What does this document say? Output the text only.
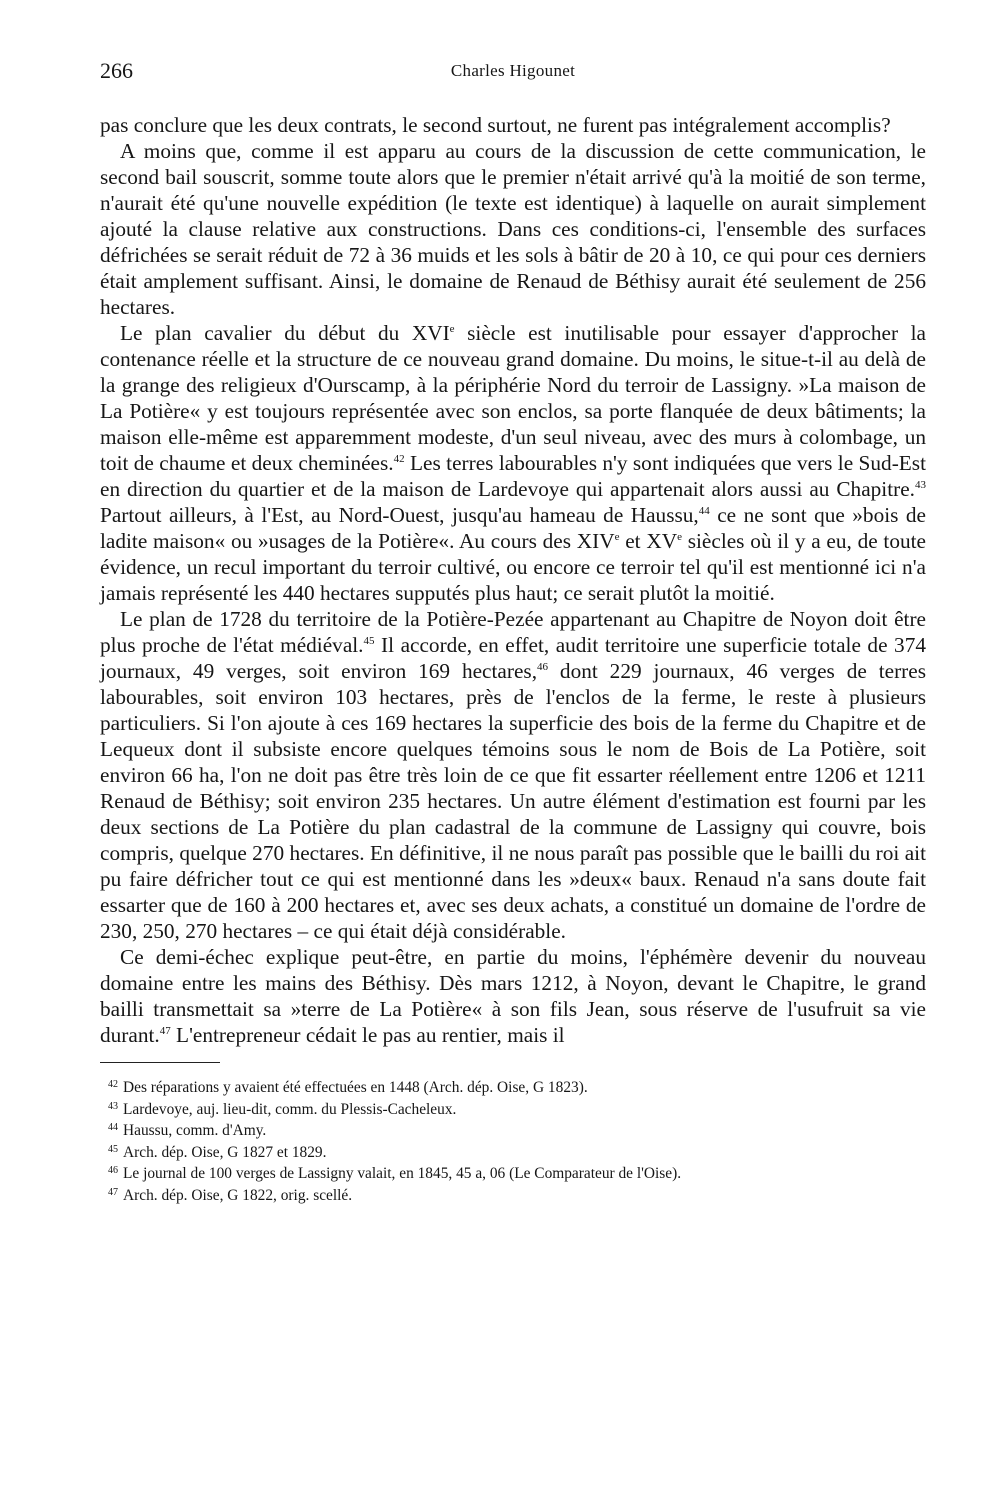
266	Charles Higounet

pas conclure que les deux contrats, le second surtout, ne furent pas intégralement accomplis?

A moins que, comme il est apparu au cours de la discussion de cette communication, le second bail souscrit, somme toute alors que le premier n'était arrivé qu'à la moitié de son terme, n'aurait été qu'une nouvelle expédition (le texte est identique) à laquelle on aurait simplement ajouté la clause relative aux constructions. Dans ces conditions-ci, l'ensemble des surfaces défrichées se serait réduit de 72 à 36 muids et les sols à bâtir de 20 à 10, ce qui pour ces derniers était amplement suffisant. Ainsi, le domaine de Renaud de Béthisy aurait été seulement de 256 hectares.

Le plan cavalier du début du XVIe siècle est inutilisable pour essayer d'approcher la contenance réelle et la structure de ce nouveau grand domaine. Du moins, le situe-t-il au delà de la grange des religieux d'Ourscamp, à la périphérie Nord du terroir de Lassigny. »La maison de La Potière« y est toujours représentée avec son enclos, sa porte flanquée de deux bâtiments; la maison elle-même est apparemment modeste, d'un seul niveau, avec des murs à colombage, un toit de chaume et deux cheminées.$^{42}$ Les terres labourables n'y sont indiquées que vers le Sud-Est en direction du quartier et de la maison de Lardevoye qui appartenait alors aussi au Chapitre.$^{43}$ Partout ailleurs, à l'Est, au Nord-Ouest, jusqu'au hameau de Haussu,$^{44}$ ce ne sont que »bois de ladite maison« ou »usages de la Potière«. Au cours des XIVe et XVe siècles où il y a eu, de toute évidence, un recul important du terroir cultivé, ou encore ce terroir tel qu'il est mentionné ici n'a jamais représenté les 440 hectares supputés plus haut; ce serait plutôt la moitié.

Le plan de 1728 du territoire de la Potière-Pezée appartenant au Chapitre de Noyon doit être plus proche de l'état médiéval.$^{45}$ Il accorde, en effet, audit territoire une superficie totale de 374 journaux, 49 verges, soit environ 169 hectares,$^{46}$ dont 229 journaux, 46 verges de terres labourables, soit environ 103 hectares, près de l'enclos de la ferme, le reste à plusieurs particuliers. Si l'on ajoute à ces 169 hectares la superficie des bois de la ferme du Chapitre et de Lequeux dont il subsiste encore quelques témoins sous le nom de Bois de La Potière, soit environ 66 ha, l'on ne doit pas être très loin de ce que fit essarter réellement entre 1206 et 1211 Renaud de Béthisy; soit environ 235 hectares. Un autre élément d'estimation est fourni par les deux sections de La Potière du plan cadastral de la commune de Lassigny qui couvre, bois compris, quelque 270 hectares. En définitive, il ne nous paraît pas possible que le bailli du roi ait pu faire défricher tout ce qui est mentionné dans les »deux« baux. Renaud n'a sans doute fait essarter que de 160 à 200 hectares et, avec ses deux achats, a constitué un domaine de l'ordre de 230, 250, 270 hectares – ce qui était déjà considérable.

Ce demi-échec explique peut-être, en partie du moins, l'éphémère devenir du nouveau domaine entre les mains des Béthisy. Dès mars 1212, à Noyon, devant le Chapitre, le grand bailli transmettait sa »terre de La Potière« à son fils Jean, sous réserve de l'usufruit sa vie durant.$^{47}$ L'entrepreneur cédait le pas au rentier, mais il

$^{42}$ Des réparations y avaient été effectuées en 1448 (Arch. dép. Oise, G 1823).
$^{43}$ Lardevoye, auj. lieu-dit, comm. du Plessis-Cacheleux.
$^{44}$ Haussu, comm. d'Amy.
$^{45}$ Arch. dép. Oise, G 1827 et 1829.
$^{46}$ Le journal de 100 verges de Lassigny valait, en 1845, 45 a, 06 (Le Comparateur de l'Oise).
$^{47}$ Arch. dép. Oise, G 1822, orig. scellé.
